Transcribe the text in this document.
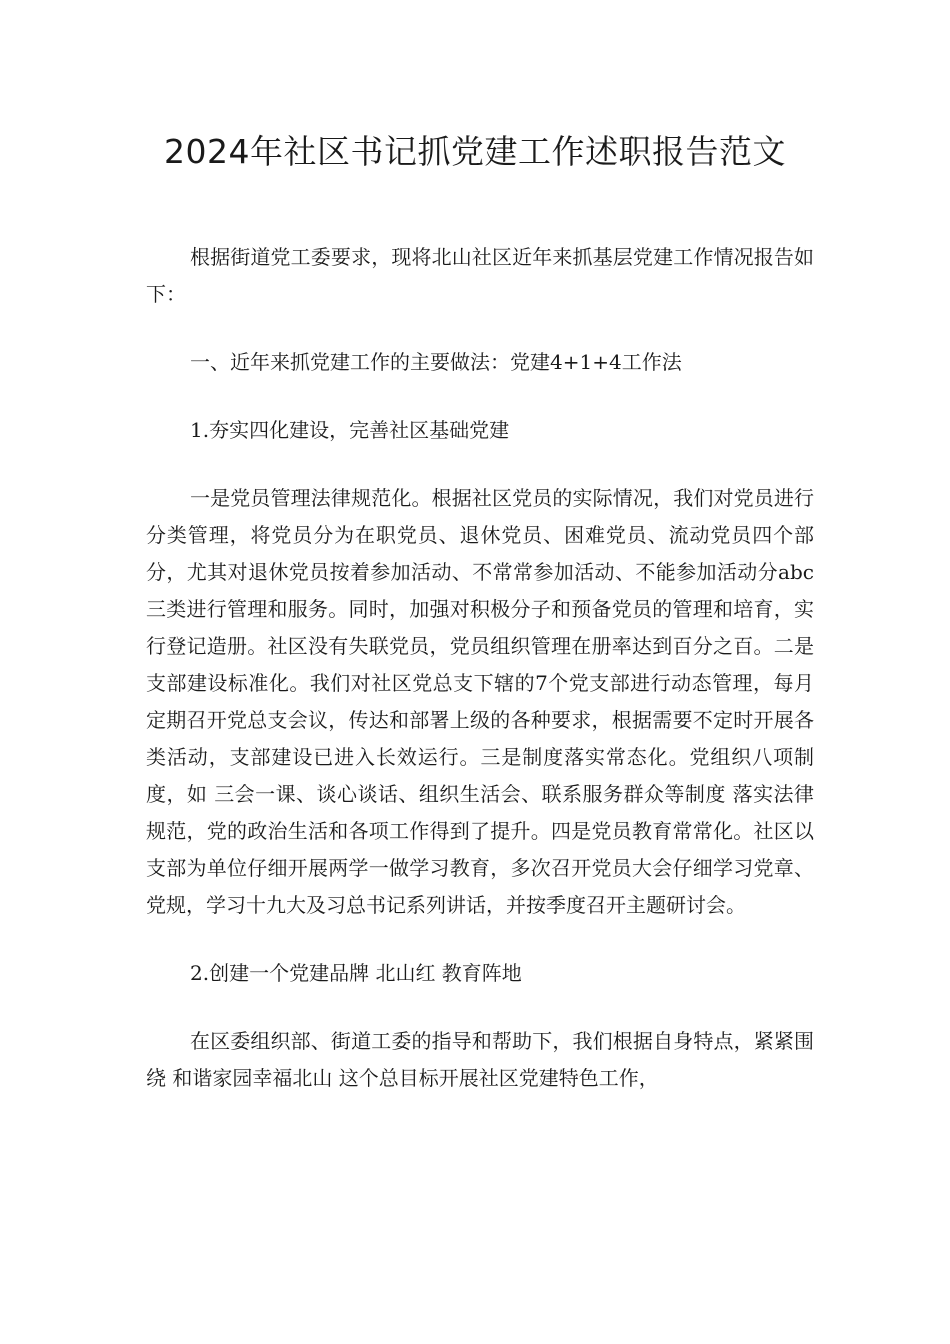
2024年社区书记抓党建工作述职报告范文

根据街道党工委要求，现将北山社区近年来抓基层党建工作情况报告如下：

一、近年来抓党建工作的主要做法：党建4+1+4工作法

1.夯实四化建设，完善社区基础党建

一是党员管理法律规范化。根据社区党员的实际情况，我们对党员进行分类管理，将党员分为在职党员、退休党员、困难党员、流动党员四个部分，尤其对退休党员按着参加活动、不常常参加活动、不能参加活动分abc三类进行管理和服务。同时，加强对积极分子和预备党员的管理和培育，实行登记造册。社区没有失联党员，党员组织管理在册率达到百分之百。二是支部建设标准化。我们对社区党总支下辖的7个党支部进行动态管理，每月定期召开党总支会议，传达和部署上级的各种要求，根据需要不定时开展各类活动，支部建设已进入长效运行。三是制度落实常态化。党组织八项制度，如 三会一课、谈心谈话、组织生活会、联系服务群众等制度 落实法律规范，党的政治生活和各项工作得到了提升。四是党员教育常常化。社区以支部为单位仔细开展两学一做学习教育，多次召开党员大会仔细学习党章、党规，学习十九大及习总书记系列讲话，并按季度召开主题研讨会。

2.创建一个党建品牌 北山红 教育阵地

在区委组织部、街道工委的指导和帮助下，我们根据自身特点，紧紧围绕 和谐家园幸福北山 这个总目标开展社区党建特色工作，
